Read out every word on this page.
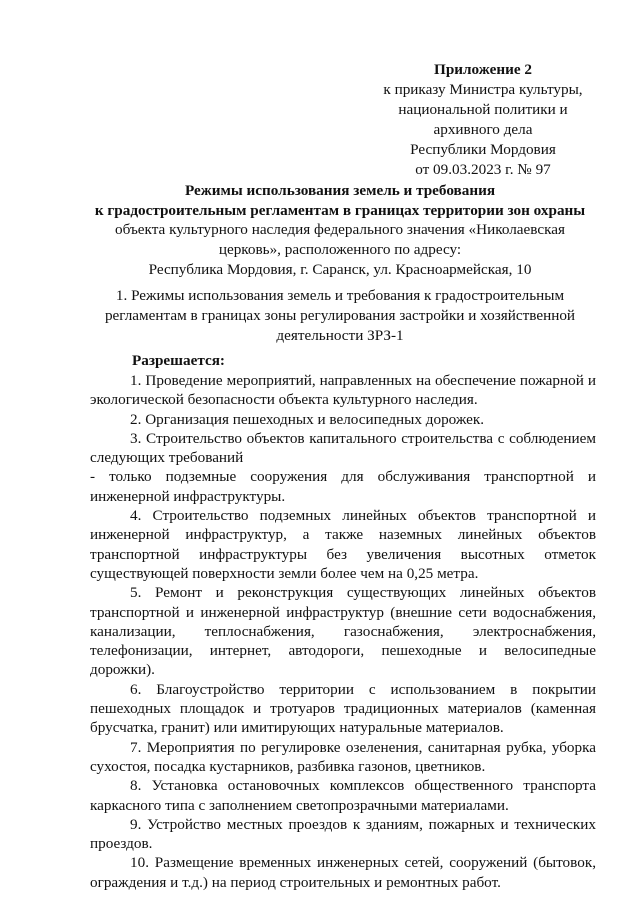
Приложение 2
к приказу Министра культуры,
национальной политики и
архивного дела
Республики Мордовия
от 09.03.2023 г. № 97
Режимы использования земель и требования
к градостроительным регламентам в границах территории зон охраны
объекта культурного наследия федерального значения «Николаевская
церковь», расположенного по адресу:
Республика Мордовия, г. Саранск, ул. Красноармейская, 10
1. Режимы использования земель и требования к градостроительным
регламентам в границах зоны регулирования застройки и хозяйственной
деятельности ЗРЗ-1
Разрешается:

1. Проведение мероприятий, направленных на обеспечение пожарной и экологической безопасности объекта культурного наследия.

2. Организация пешеходных и велосипедных дорожек.

3. Строительство объектов капитального строительства с соблюдением следующих требований

- только подземные сооружения для обслуживания транспортной и инженерной инфраструктуры.

4. Строительство подземных линейных объектов транспортной и инженерной инфраструктур, а также наземных линейных объектов транспортной инфраструктуры без увеличения высотных отметок существующей поверхности земли более чем на 0,25 метра.

5. Ремонт и реконструкция существующих линейных объектов транспортной и инженерной инфраструктур (внешние сети водоснабжения, канализации, теплоснабжения, газоснабжения, электроснабжения, телефонизации, интернет, автодороги, пешеходные и велосипедные дорожки).

6. Благоустройство территории с использованием в покрытии пешеходных площадок и тротуаров традиционных материалов (каменная брусчатка, гранит) или имитирующих натуральные материалов.

7. Мероприятия по регулировке озеленения, санитарная рубка, уборка сухостоя, посадка кустарников, разбивка газонов, цветников.

8. Установка остановочных комплексов общественного транспорта каркасного типа с заполнением светопрозрачными материалами.

9. Устройство местных проездов к зданиям, пожарных и технических проездов.

10. Размещение временных инженерных сетей, сооружений (бытовок, ограждения и т.д.) на период строительных и ремонтных работ.
